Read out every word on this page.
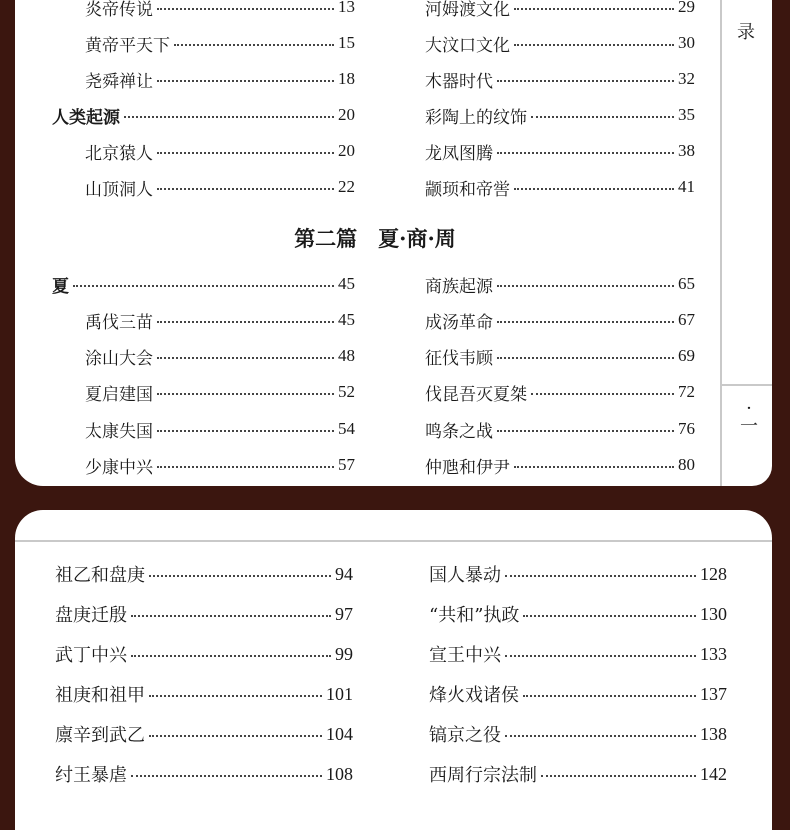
炎帝传说	13
黄帝平天下	15
尧舜禅让	18
人类起源	20
北京猿人	20
山顶洞人	22
河姆渡文化	29
大汶口文化	30
木器时代	32
彩陶上的纹饰	35
龙凤图腾	38
颛顼和帝喾	41
夏	45
禹伐三苗	45
涂山大会	48
夏启建国	52
太康失国	54
少康中兴	57
商族起源	65
成汤革命	67
征伐韦顾	69
伐昆吾灭夏桀	72
鸣条之战	76
仲虺和伊尹	80
第二篇　夏·商·周
录
·一
祖乙和盘庚	94
盘庚迁殷	97
武丁中兴	99
祖庚和祖甲	101
廪辛到武乙	104
纣王暴虐	108
国人暴动	128
“共和”执政	130
宣王中兴	133
烽火戏诸侯	137
镐京之役	138
西周行宗法制	142
